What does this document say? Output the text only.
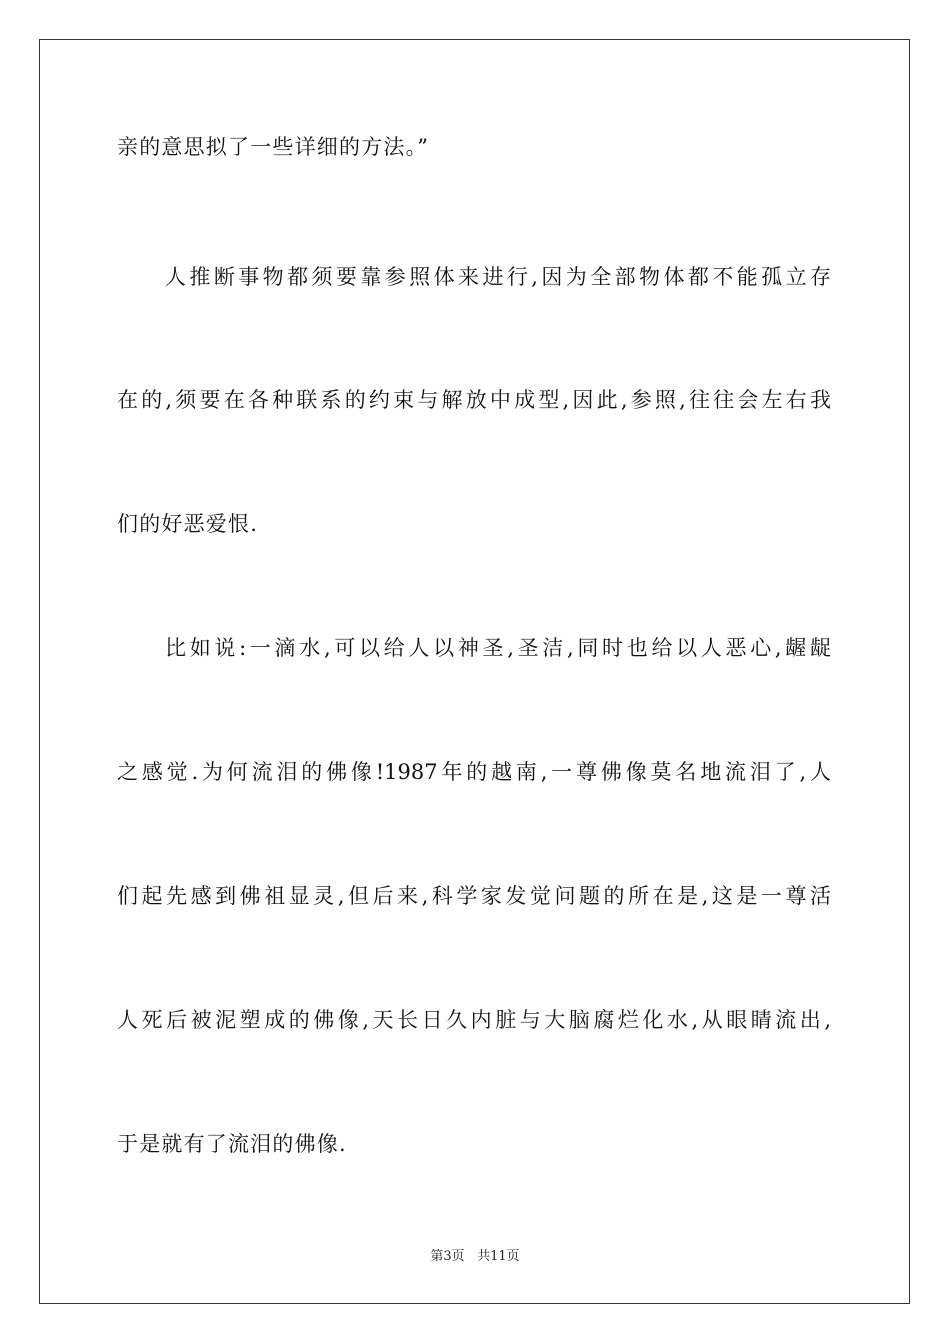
亲的意思拟了一些详细的方法。”
人推断事物都须要靠参照体来进行,因为全部物体都不能孤立存
在的,须要在各种联系的约束与解放中成型,因此,参照,往往会左右我
们的好恶爱恨.
比如说:一滴水,可以给人以神圣,圣洁,同时也给以人恶心,龌龊
之感觉.为何流泪的佛像!1987年的越南,一尊佛像莫名地流泪了,人
们起先感到佛祖显灵,但后来,科学家发觉问题的所在是,这是一尊活
人死后被泥塑成的佛像,天长日久内脏与大脑腐烂化水,从眼睛流出,
于是就有了流泪的佛像.
第3页 共11页
